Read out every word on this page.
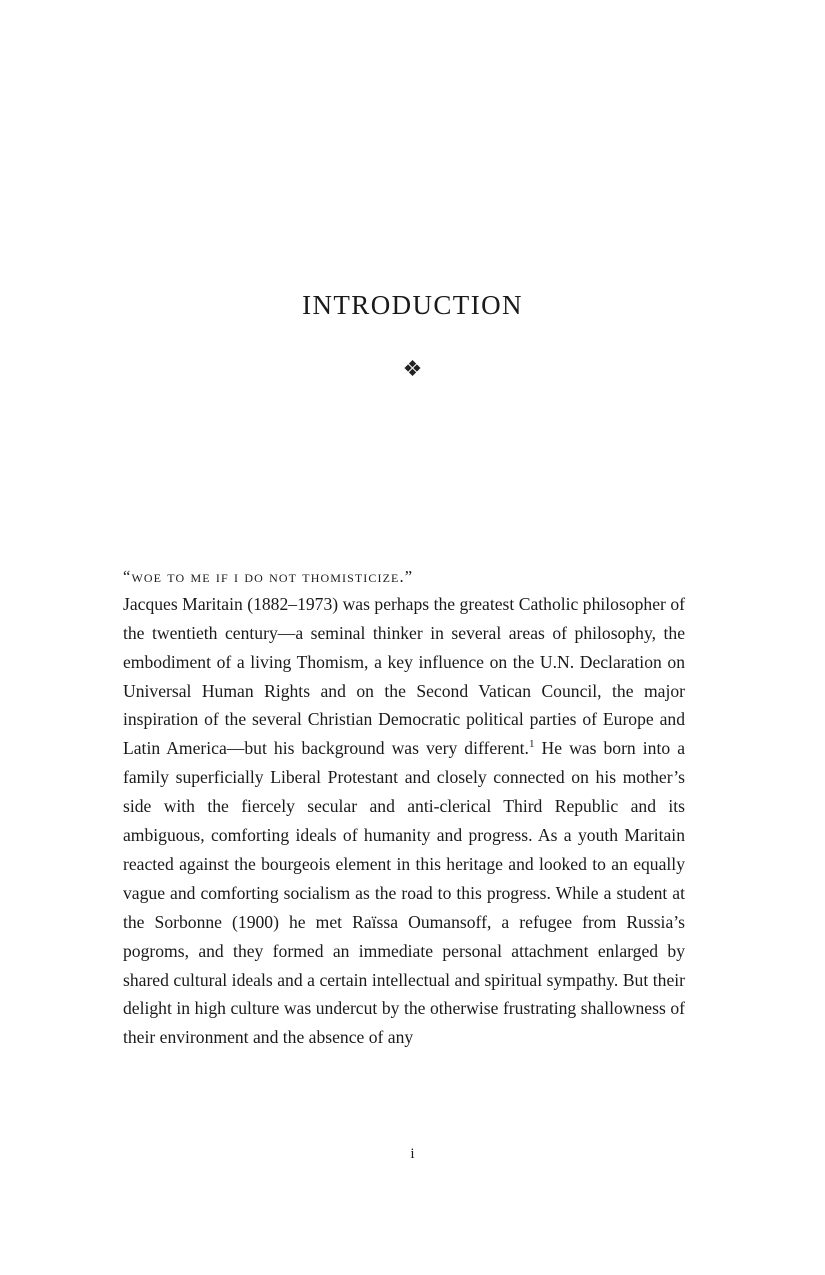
INTRODUCTION
❖
“woe to me if i do not thomisticize.”

Jacques Maritain (1882–1973) was perhaps the greatest Catholic philosopher of the twentieth century—a seminal thinker in several areas of philosophy, the embodiment of a living Thomism, a key influence on the U.N. Declaration on Universal Human Rights and on the Second Vatican Council, the major inspiration of the several Christian Democratic political parties of Europe and Latin America—but his background was very different.$^1$ He was born into a family superficially Liberal Protestant and closely connected on his mother’s side with the fiercely secular and anti-clerical Third Republic and its ambiguous, comforting ideals of humanity and progress. As a youth Maritain reacted against the bourgeois element in this heritage and looked to an equally vague and comforting socialism as the road to this progress. While a student at the Sorbonne (1900) he met Raïssa Oumansoff, a refugee from Russia’s pogroms, and they formed an immediate personal attachment enlarged by shared cultural ideals and a certain intellectual and spiritual sympathy. But their delight in high culture was undercut by the otherwise frustrating shallowness of their environment and the absence of any

i
